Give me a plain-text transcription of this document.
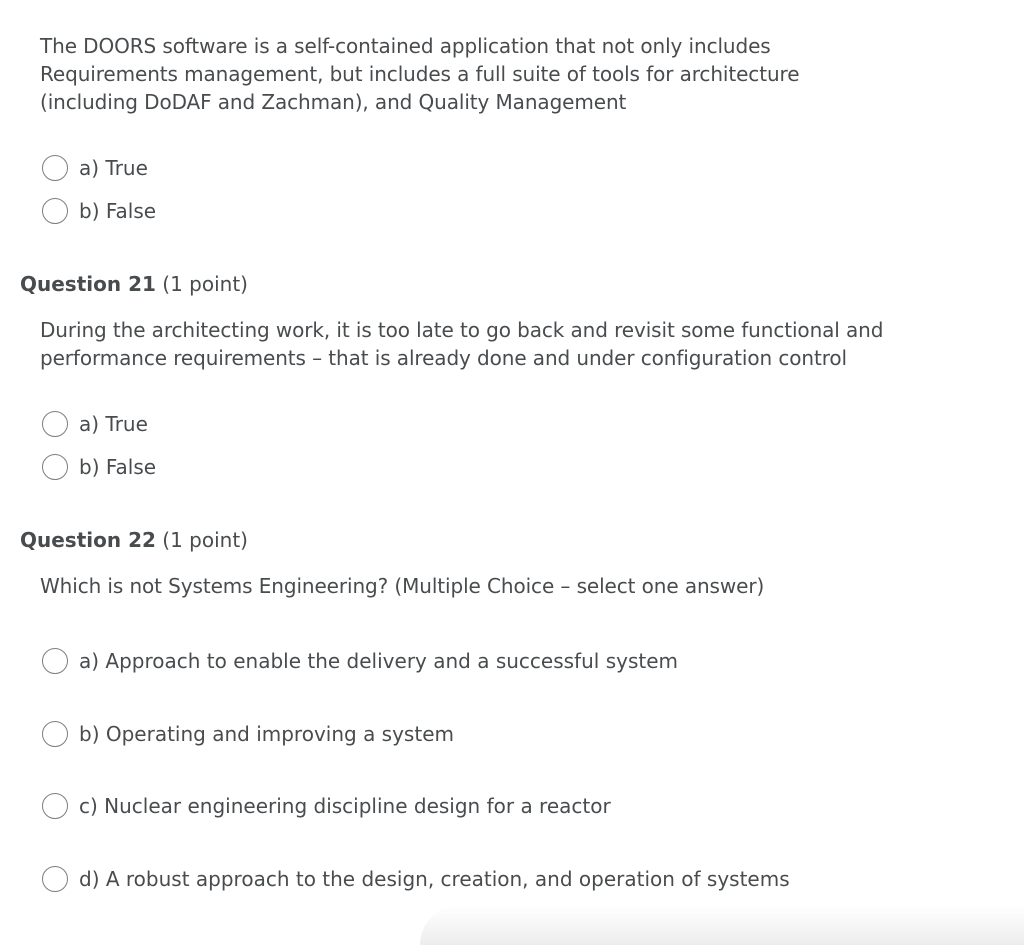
The DOORS software is a self-contained application that not only includes
Requirements management, but includes a full suite of tools for architecture
(including DoDAF and Zachman), and Quality Management

a) True
b) False

Question 21 (1 point)

During the architecting work, it is too late to go back and revisit some functional and
performance requirements – that is already done and under configuration control

a) True
b) False

Question 22 (1 point)

Which is not Systems Engineering? (Multiple Choice – select one answer)

a) Approach to enable the delivery and a successful system
b) Operating and improving a system
c) Nuclear engineering discipline design for a reactor
d) A robust approach to the design, creation, and operation of systems
